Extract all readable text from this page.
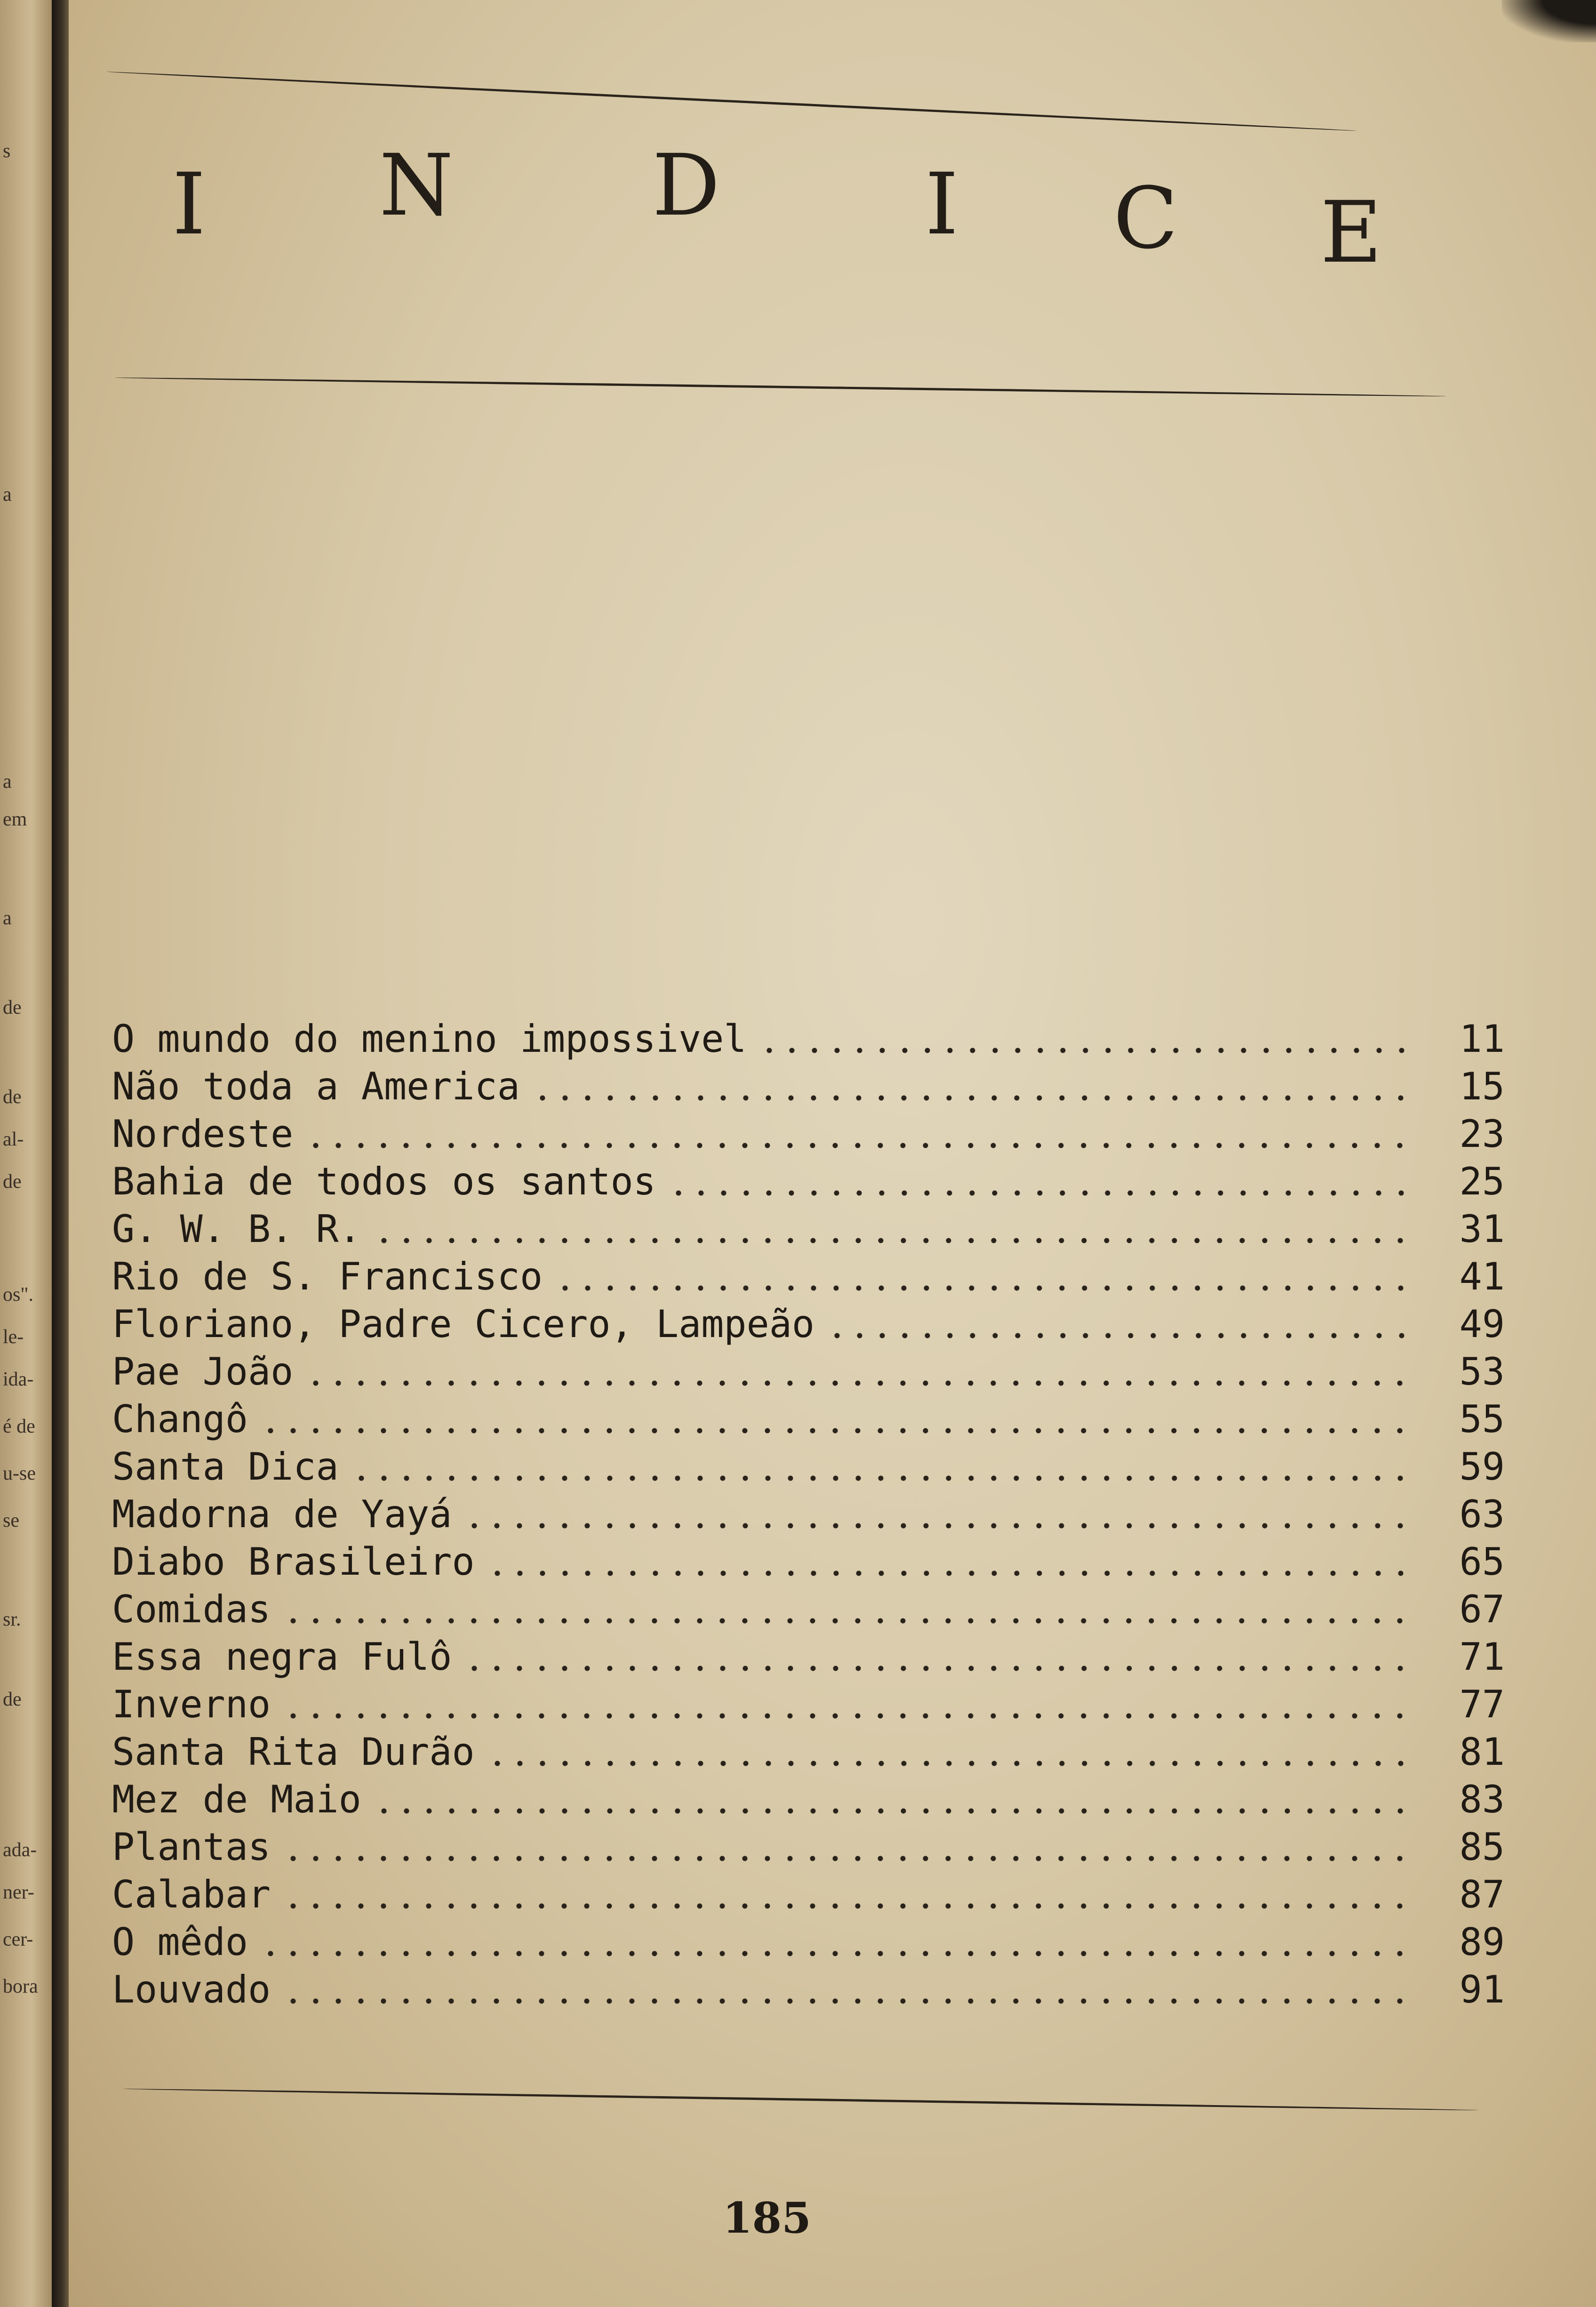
s
a
a
em
a
de
de
al-
de
os".
le-
ida-
é de
u-se
se
sr.
de
ada-
ner-
cer-
bora
I N D I C E
O mundo do menino impossivel	11
Não toda a America	15
Nordeste	23
Bahia de todos os santos	25
G. W. B. R.	31
Rio de S. Francisco	41
Floriano, Padre Cicero, Lampeão	49
Pae João	53
Changô	55
Santa Dica	59
Madorna de Yayá	63
Diabo Brasileiro	65
Comidas	67
Essa negra Fulô	71
Inverno	77
Santa Rita Durão	81
Mez de Maio	83
Plantas	85
Calabar	87
O mêdo	89
Louvado	91
185
